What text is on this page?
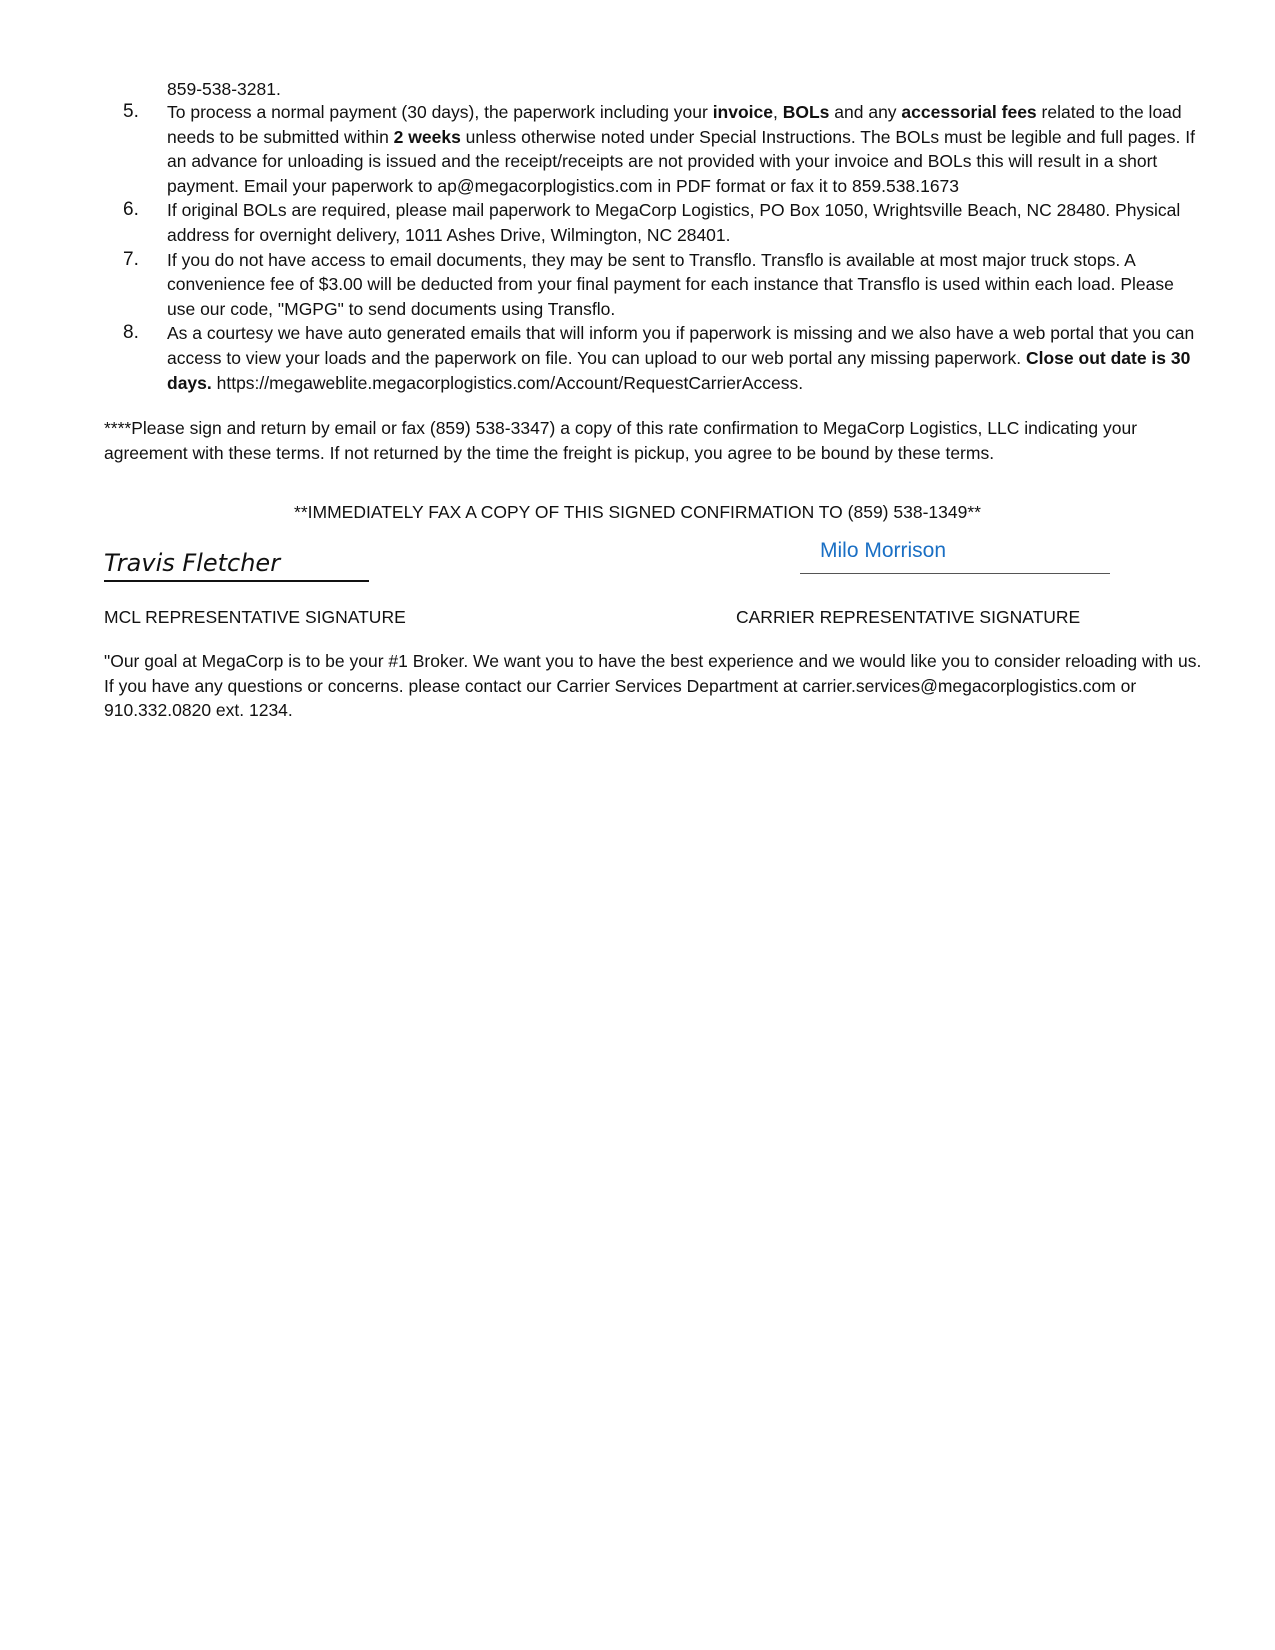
859-538-3281.
5. To process a normal payment (30 days), the paperwork including your invoice, BOLs and any accessorial fees related to the load needs to be submitted within 2 weeks unless otherwise noted under Special Instructions. The BOLs must be legible and full pages. If an advance for unloading is issued and the receipt/receipts are not provided with your invoice and BOLs this will result in a short payment. Email your paperwork to ap@megacorplogistics.com in PDF format or fax it to 859.538.1673
6. If original BOLs are required, please mail paperwork to MegaCorp Logistics, PO Box 1050, Wrightsville Beach, NC 28480. Physical address for overnight delivery, 1011 Ashes Drive, Wilmington, NC 28401.
7. If you do not have access to email documents, they may be sent to Transflo. Transflo is available at most major truck stops. A convenience fee of $3.00 will be deducted from your final payment for each instance that Transflo is used within each load. Please use our code, "MGPG" to send documents using Transflo.
8. As a courtesy we have auto generated emails that will inform you if paperwork is missing and we also have a web portal that you can access to view your loads and the paperwork on file. You can upload to our web portal any missing paperwork. Close out date is 30 days. https://megaweblite.megacorplogistics.com/Account/RequestCarrierAccess.

****Please sign and return by email or fax (859) 538-3347) a copy of this rate confirmation to MegaCorp Logistics, LLC indicating your agreement with these terms. If not returned by the time the freight is pickup, you agree to be bound by these terms.

**IMMEDIATELY FAX A COPY OF THIS SIGNED CONFIRMATION TO (859) 538-1349**
Travis Fletcher	Milo Morrison
MCL REPRESENTATIVE SIGNATURE	CARRIER REPRESENTATIVE SIGNATURE

"Our goal at MegaCorp is to be your #1 Broker. We want you to have the best experience and we would like you to consider reloading with us. If you have any questions or concerns. please contact our Carrier Services Department at carrier.services@megacorplogistics.com or 910.332.0820 ext. 1234.
